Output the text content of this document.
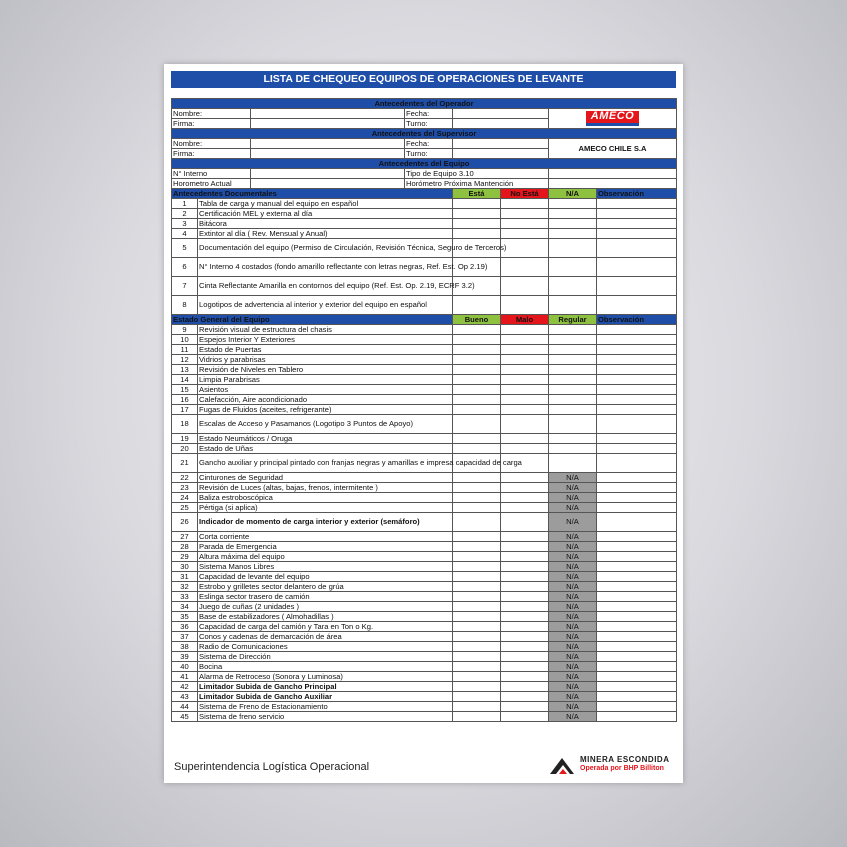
LISTA DE CHEQUEO EQUIPOS DE OPERACIONES DE LEVANTE
Antecedentes del Operador							
Nombre:			Fecha:			AMECO	
Firma:			Turno:				
Antecedentes del Supervisor							
Nombre:			Fecha:			AMECO CHILE S.A	
Firma:			Turno:				
Antecedentes del Equipo							
N° Interno			Tipo de Equipo 3.10				
Horometro Actual			Horómetro Próxima Mantención				
Antecedentes Documentales				Está	No Está	N/A	Observación
1	Tabla de carga y manual del equipo en español						
2	Certificación MEL y externa al día						
3	Bitácora						
4	Extintor al día ( Rev. Mensual y Anual)						
5	Documentación del equipo (Permiso de Circulación, Revisión Técnica, Seguro de Terceros)						
6	N° Interno 4 costados (fondo amarillo reflectante con letras negras, Ref. Est. Op 2.19)						
7	Cinta Reflectante Amarilla en contornos del equipo (Ref. Est. Op. 2.19, ECRF 3.2)						
8	Logotipos de advertencia al interior y exterior del equipo en español						
Estado General del Equipo				Bueno	Malo	Regular	Observación
9	Revisión visual de estructura del chasis						
10	Espejos Interior Y Exteriores						
11	Estado de Puertas						
12	Vidrios y parabrisas						
13	Revisión de Niveles en Tablero						
14	Limpia Parabrisas						
15	Asientos						
16	Calefacción, Aire acondicionado						
17	Fugas de Fluidos (aceites, refrigerante)						
18	Escalas de Acceso y Pasamanos (Logotipo 3 Puntos de Apoyo)						
19	Estado Neumáticos / Oruga						
20	Estado de Uñas						
21	Gancho auxiliar y principal pintado con franjas negras y amarillas e impresa capacidad de carga						
22	Cinturones de Seguridad					N/A	
23	Revisión de Luces (altas, bajas, frenos, intermitente )					N/A	
24	Baliza estroboscópica					N/A	
25	Pértiga (si aplica)					N/A	
26	Indicador de momento de carga interior y exterior (semáforo)					N/A	
27	Corta corriente					N/A	
28	Parada de Emergencia					N/A	
29	Altura máxima del equipo					N/A	
30	Sistema Manos Libres					N/A	
31	Capacidad de levante del equipo					N/A	
32	Estrobo y grilletes sector delantero de grúa					N/A	
33	Eslinga sector trasero de camión					N/A	
34	Juego de cuñas (2 unidades )					N/A	
35	Base de estabilizadores ( Almohadillas )					N/A	
36	Capacidad de carga del camión y Tara en Ton o Kg.					N/A	
37	Conos y cadenas de demarcación de área					N/A	
38	Radio de Comunicaciones					N/A	
39	Sistema de Dirección					N/A	
40	Bocina					N/A	
41	Alarma de Retroceso (Sonora y Luminosa)					N/A	
42	Limitador Subida de Gancho Principal					N/A	
43	Limitador Subida de Gancho Auxiliar					N/A	
44	Sistema de Freno de Estacionamiento					N/A	
45	Sistema de freno servicio					N/A	
Superintendencia Logística Operacional
MINERA ESCONDIDA
Operada por BHP Billiton
